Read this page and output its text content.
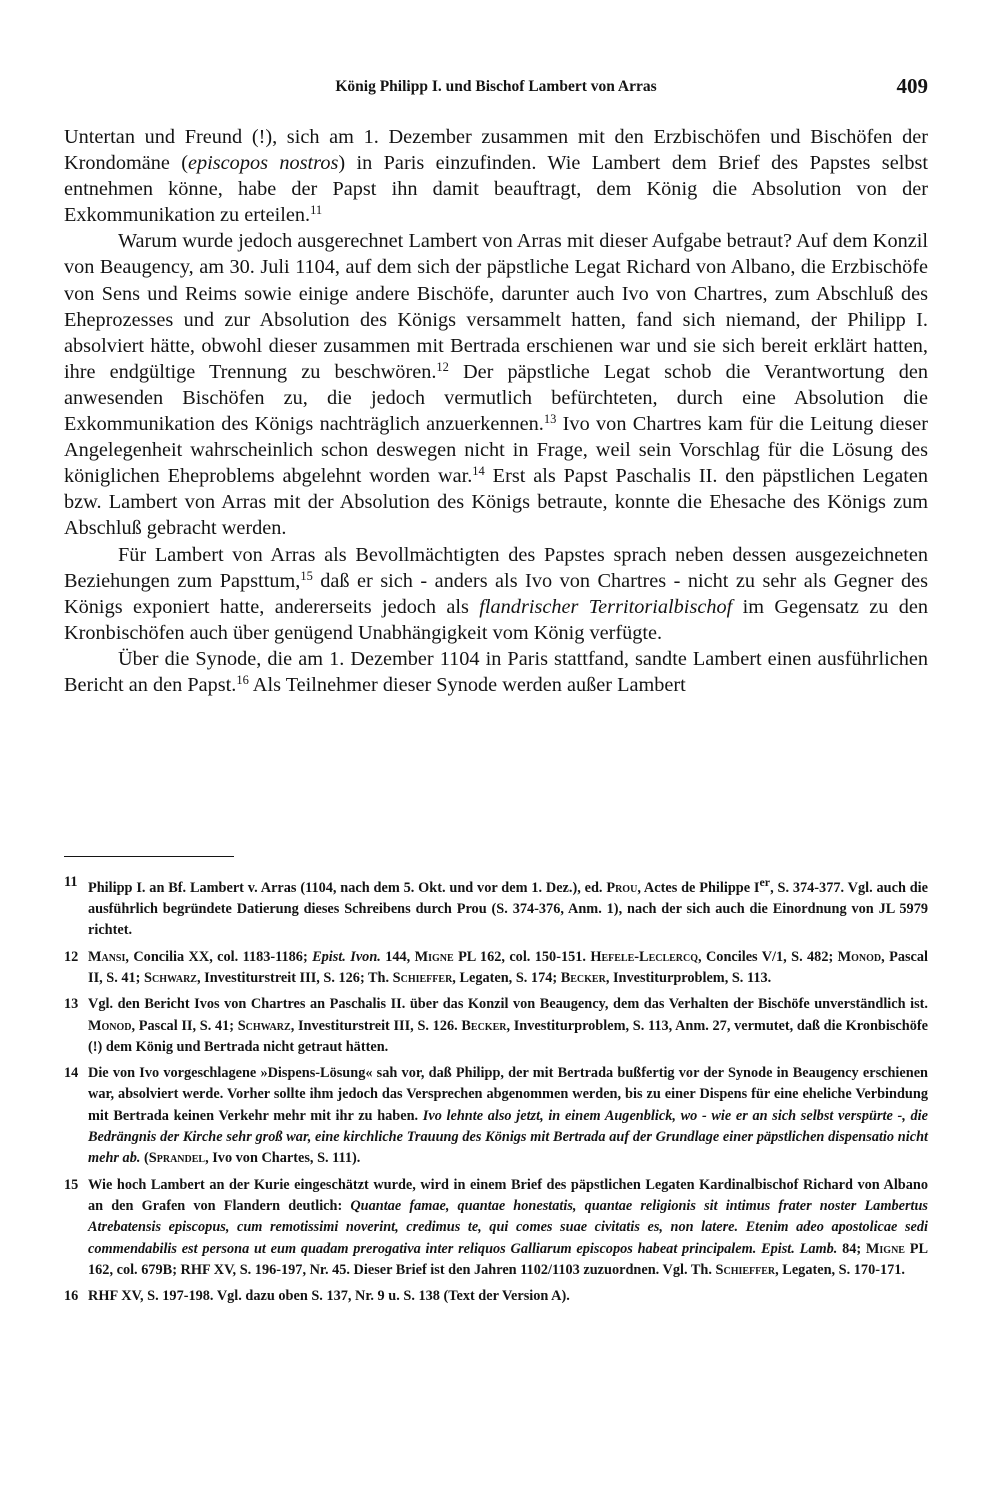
König Philipp I. und Bischof Lambert von Arras	409

Untertan und Freund (!), sich am 1. Dezember zusammen mit den Erzbischöfen und Bischöfen der Krondomäne (episcopos nostros) in Paris einzufinden. Wie Lambert dem Brief des Papstes selbst entnehmen könne, habe der Papst ihn damit beauftragt, dem König die Absolution von der Exkommunikation zu erteilen.$^{11}$

Warum wurde jedoch ausgerechnet Lambert von Arras mit dieser Aufgabe betraut? Auf dem Konzil von Beaugency, am 30. Juli 1104, auf dem sich der päpstliche Legat Richard von Albano, die Erzbischöfe von Sens und Reims sowie einige andere Bischöfe, darunter auch Ivo von Chartres, zum Abschluß des Eheprozesses und zur Absolution des Königs versammelt hatten, fand sich niemand, der Philipp I. absolviert hätte, obwohl dieser zusammen mit Bertrada erschienen war und sie sich bereit erklärt hatten, ihre endgültige Trennung zu beschwören.$^{12}$ Der päpstliche Legat schob die Verantwortung den anwesenden Bischöfen zu, die jedoch vermutlich befürchteten, durch eine Absolution die Exkommunikation des Königs nachträglich anzuerkennen.$^{13}$ Ivo von Chartres kam für die Leitung dieser Angelegenheit wahrscheinlich schon deswegen nicht in Frage, weil sein Vorschlag für die Lösung des königlichen Eheproblems abgelehnt worden war.$^{14}$ Erst als Papst Paschalis II. den päpstlichen Legaten bzw. Lambert von Arras mit der Absolution des Königs betraute, konnte die Ehesache des Königs zum Abschluß gebracht werden.

Für Lambert von Arras als Bevollmächtigten des Papstes sprach neben dessen ausgezeichneten Beziehungen zum Papsttum,$^{15}$ daß er sich - anders als Ivo von Chartres - nicht zu sehr als Gegner des Königs exponiert hatte, andererseits jedoch als flandrischer Territorialbischof im Gegensatz zu den Kronbischöfen auch über genügend Unabhängigkeit vom König verfügte.

Über die Synode, die am 1. Dezember 1104 in Paris stattfand, sandte Lambert einen ausführlichen Bericht an den Papst.$^{16}$ Als Teilnehmer dieser Synode werden außer Lambert

11 Philipp I. an Bf. Lambert v. Arras (1104, nach dem 5. Okt. und vor dem 1. Dez.), ed. Prou, Actes de Philippe Ier, S. 374-377. Vgl. auch die ausführlich begründete Datierung dieses Schreibens durch Prou (S. 374-376, Anm. 1), nach der sich auch die Einordnung von JL 5979 richtet.
12 Mansi, Concilia XX, col. 1183-1186; Epist. Ivon. 144, Migne PL 162, col. 150-151. Hefele-Leclercq, Conciles V/1, S. 482; Monod, Pascal II, S. 41; Schwarz, Investiturstreit III, S. 126; Th. Schieffer, Legaten, S. 174; Becker, Investiturproblem, S. 113.
13 Vgl. den Bericht Ivos von Chartres an Paschalis II. über das Konzil von Beaugency, dem das Verhalten der Bischöfe unverständlich ist. Monod, Pascal II, S. 41; Schwarz, Investiturstreit III, S. 126. Becker, Investiturproblem, S. 113, Anm. 27, vermutet, daß die Kronbischöfe (!) dem König und Bertrada nicht getraut hätten.
14 Die von Ivo vorgeschlagene »Dispens-Lösung« sah vor, daß Philipp, der mit Bertrada bußfertig vor der Synode in Beaugency erschienen war, absolviert werde. Vorher sollte ihm jedoch das Versprechen abgenommen werden, bis zu einer Dispens für eine eheliche Verbindung mit Bertrada keinen Verkehr mehr mit ihr zu haben. Ivo lehnte also jetzt, in einem Augenblick, wo - wie er an sich selbst verspürte -, die Bedrängnis der Kirche sehr groß war, eine kirchliche Trauung des Königs mit Bertrada auf der Grundlage einer päpstlichen dispensatio nicht mehr ab. (Sprandel, Ivo von Chartes, S. 111).
15 Wie hoch Lambert an der Kurie eingeschätzt wurde, wird in einem Brief des päpstlichen Legaten Kardinalbischof Richard von Albano an den Grafen von Flandern deutlich: Quantae famae, quantae honestatis, quantae religionis sit intimus frater noster Lambertus Atrebatensis episcopus, cum remotissimi noverint, credimus te, qui comes suae civitatis es, non latere. Etenim adeo apostolicae sedi commendabilis est persona ut eum quadam prerogativa inter reliquos Galliarum episcopos habeat principalem. Epist. Lamb. 84; Migne PL 162, col. 679B; RHF XV, S. 196-197, Nr. 45. Dieser Brief ist den Jahren 1102/1103 zuzuordnen. Vgl. Th. Schieffer, Legaten, S. 170-171.
16 RHF XV, S. 197-198. Vgl. dazu oben S. 137, Nr. 9 u. S. 138 (Text der Version A).
